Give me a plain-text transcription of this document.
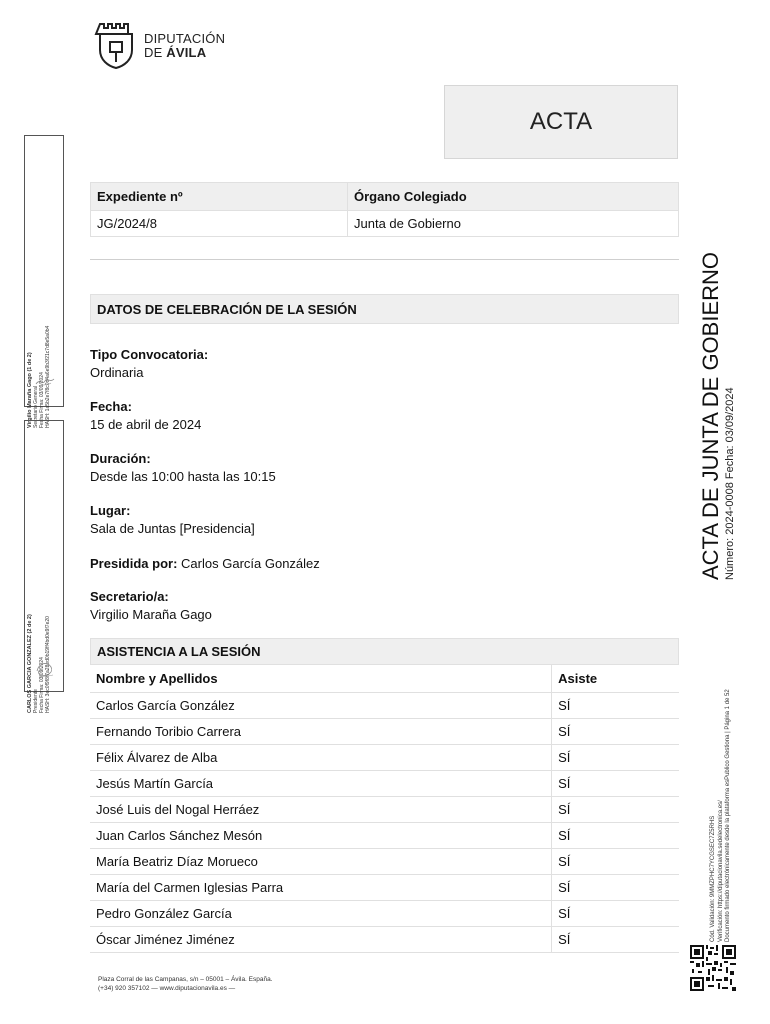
DIPUTACIÓN
DE ÁVILA
ACTA
Virgilio Maraña Gago (1 de 2) Secretario General Fecha Firma: 03/09/2024 HASH: 1a5b2e7f8c0d4a6e9b3f21c7d8e5a0b4
CARLOS GARCIA GONZALEZ (2 de 2) Presidente Fecha Firma: 03/09/2024 HASH: 3ec0f9f8f7a28ed0b19ff4bd0e9f7e20
Expediente nº	Órgano Colegiado
JG/2024/8	Junta de Gobierno
DATOS DE CELEBRACIÓN DE LA SESIÓN
Tipo Convocatoria:
Ordinaria
Fecha:
15 de abril de 2024
Duración:
Desde las 10:00 hasta las 10:15
Lugar:
Sala de Juntas [Presidencia]
Presidida por: Carlos García González
Secretario/a:
Virgilio Maraña Gago
ASISTENCIA A LA SESIÓN
Nombre y Apellidos	Asiste
Carlos García González	SÍ
Fernando Toribio Carrera	SÍ
Félix Álvarez de Alba	SÍ
Jesús Martín García	SÍ
José Luis del Nogal Herráez	SÍ
Juan Carlos Sánchez Mesón	SÍ
María Beatriz Díaz Morueco	SÍ
María del Carmen Iglesias Parra	SÍ
Pedro González García	SÍ
Óscar Jiménez Jiménez	SÍ
Plaza Corral de las Campanas, s/n – 05001 – Ávila. España.
(+34) 920 357102 — www.diputacionavila.es —
ACTA DE JUNTA DE GOBIERNO Número: 2024-0008 Fecha: 03/09/2024
Cód. Validación: 9MMZPHC7YCGSEC7Z5RHS Verificación: https://diputacionavila.sedelectronica.es/ Documento firmado electrónicamente desde la plataforma esPublico Gestiona | Página 1 de 52
